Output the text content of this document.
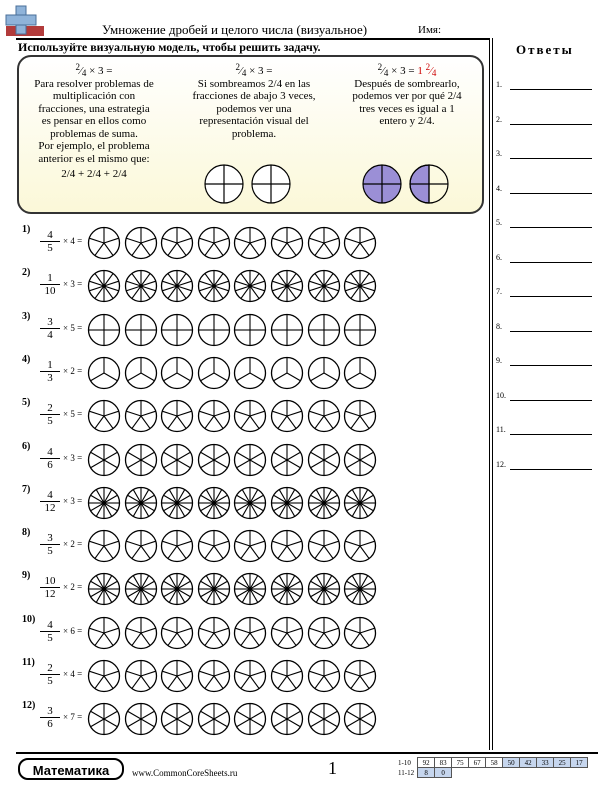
Умножение дробей и целого числа (визуальное)	Имя:
Используйте визуальную модель, чтобы решить задачу.
$^2$⁄4 × 3 =
Para resolver problemas de
multiplicación con
fracciones, una estrategia
es pensar en ellos como
problemas de suma.
Por ejemplo, el problema
anterior es el mismo que:
2/4 + 2/4 + 2/4
$^2$⁄4 × 3 =
Si sombreamos 2/4 en las
fracciones de abajo 3 veces,
podemos ver una
representación visual del
problema.
$^2$⁄4 × 3 = 1 $^2$⁄4
Después de sombrearlo,
podemos ver por qué 2/4
tres veces es igual a 1
entero y 2/4.
Ответы
1.
2.
3.
4.
5.
6.
7.
8.
9.
10.
11.
12.
$1) \frac{4}{5} \times 4$ =
$2) \frac{1}{10} \times 3$ =
$3) \frac{3}{4} \times 5$ =
$4) \frac{1}{3} \times 2$ =
$5) \frac{2}{5} \times 5$ =
$6) \frac{4}{6} \times 3$ =
$7) \frac{4}{12} \times 3$ =
$8) \frac{3}{5} \times 2$ =
$9) \frac{10}{12} \times 2$ =
$10) \frac{4}{5} \times 6$ =
$11) \frac{2}{5} \times 4$ =
$12) \frac{3}{6} \times 7$ =
Математика	www.CommonCoreSheets.ru	1	1-10	92	83	75	67	58	50	42	33	25	17
11-12	8	0								
